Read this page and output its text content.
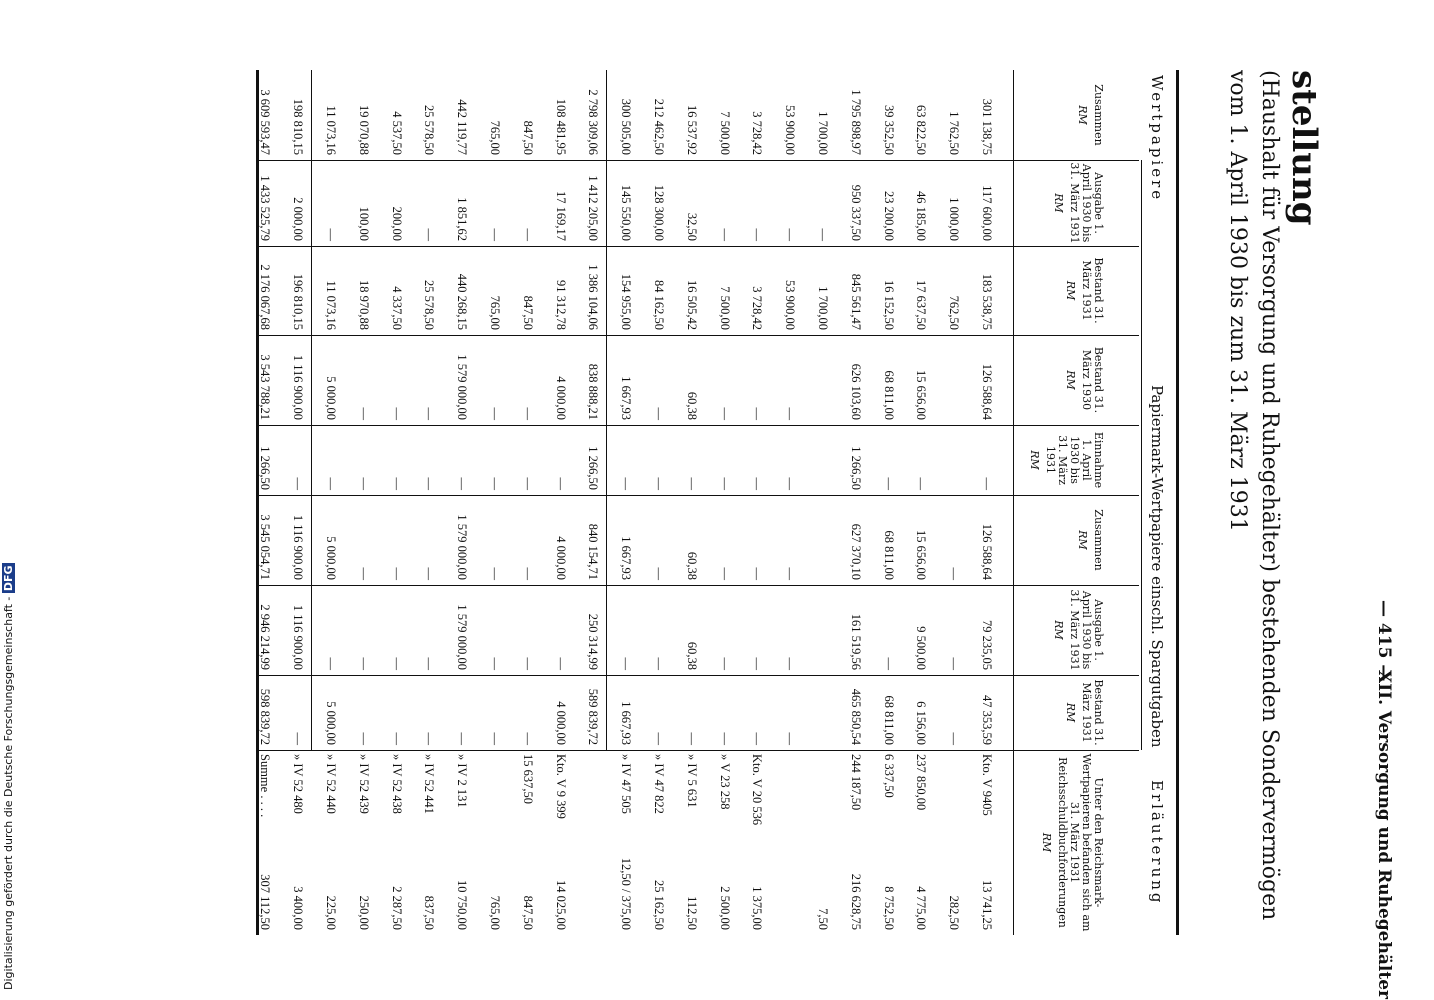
— 415 —
XII. Versorgung und Ruhegehälter
stellung
(Haushalt für Versorgung und Ruhegehälter) bestehenden Sondervermögen
vom 1. April 1930 bis zum 31. März 1931
Wertpapiere
Papiermark-Wertpapiere einschl. Spargutgaben
Erläuterung
Zusammen
RM
Ausgabe 1. April 1930 bis 31. März 1931
RM
Bestand 31. März 1931
RM
Bestand 31. März 1930
RM
Einnahme 1. April 1930 bis 31. März 1931
RM
Zusammen
RM
Ausgabe 1. April 1930 bis 31. März 1931
RM
Bestand 31. März 1931
RM
Unter den Reichsmark-Wertpapieren befanden sich am 31. März 1931 Reichsschuldbuchforderungen
RM
301 138,75
117 600,00
183 538,75
126 588,64
—
126 588,64
79 235,05
47 353,59
Kto. V 9405
13 741,25
1 762,50
1 000,00
762,50
—
—
—
282,50
63 822,50
46 185,00
17 637,50
15 656,00
—
15 656,00
9 500,00
6 156,00
237 850,00
4 775,00
39 352,50
23 200,00
16 152,50
68 811,00
—
68 811,00
—
68 811,00
6 337,50
8 752,50
1 795 898,97
950 337,50
845 561,47
626 103,60
1 266,50
627 370,10
161 519,56
465 850,54
244 187,50
216 628,75
1 700,00
—
1 700,00
7,50
53 900,00
—
53 900,00
—
—
—
—
—
3 728,42
—
3 728,42
—
—
—
—
—
Kto. V 20 536
1 375,00
7 500,00
—
7 500,00
—
—
—
—
—
» V 23 258
2 500,00
16 537,92
32,50
16 505,42
60,38
—
60,38
60,38
—
» IV 5 631
112,50
212 462,50
128 300,00
84 162,50
—
—
—
—
—
» IV 47 822
25 162,50
300 505,00
145 550,00
154 955,00
1 667,93
—
1 667,93
—
1 667,93
» IV 47 505
12,50 / 375,00
2 798 309,06
1 412 205,00
1 386 104,06
838 888,21
1 266,50
840 154,71
250 314,99
589 839,72
108 481,95
17 169,17
91 312,78
4 000,00
—
4 000,00
—
4 000,00
Kto. V 9 399
14 025,00
847,50
—
847,50
—
—
—
—
—
15 637,50
847,50
765,00
—
765,00
—
—
—
—
—
765,00
442 119,77
1 851,62
440 268,15
1 579 000,00
—
1 579 000,00
1 579 000,00
—
» IV 2 131
10 750,00
25 578,50
—
25 578,50
—
—
—
—
—
» IV 52 441
837,50
4 537,50
200,00
4 337,50
—
—
—
—
—
» IV 52 438
2 287,50
19 070,88
100,00
18 970,88
—
—
—
—
—
» IV 52 439
250,00
11 073,16
—
11 073,16
5 000,00
—
5 000,00
—
5 000,00
» IV 52 440
225,00
198 810,15
2 000,00
196 810,15
1 116 900,00
—
1 116 900,00
1 116 900,00
—
» IV 52 480
3 400,00
3 609 593,47
1 433 525,79
2 176 067,68
3 543 788,21
1 266,50
3 545 054,71
2 946 214,99
598 839,72
Summe . . . .
307 112,50
Digitalisierung gefördert durch die Deutsche Forschungsgemeinschaft - DFG
